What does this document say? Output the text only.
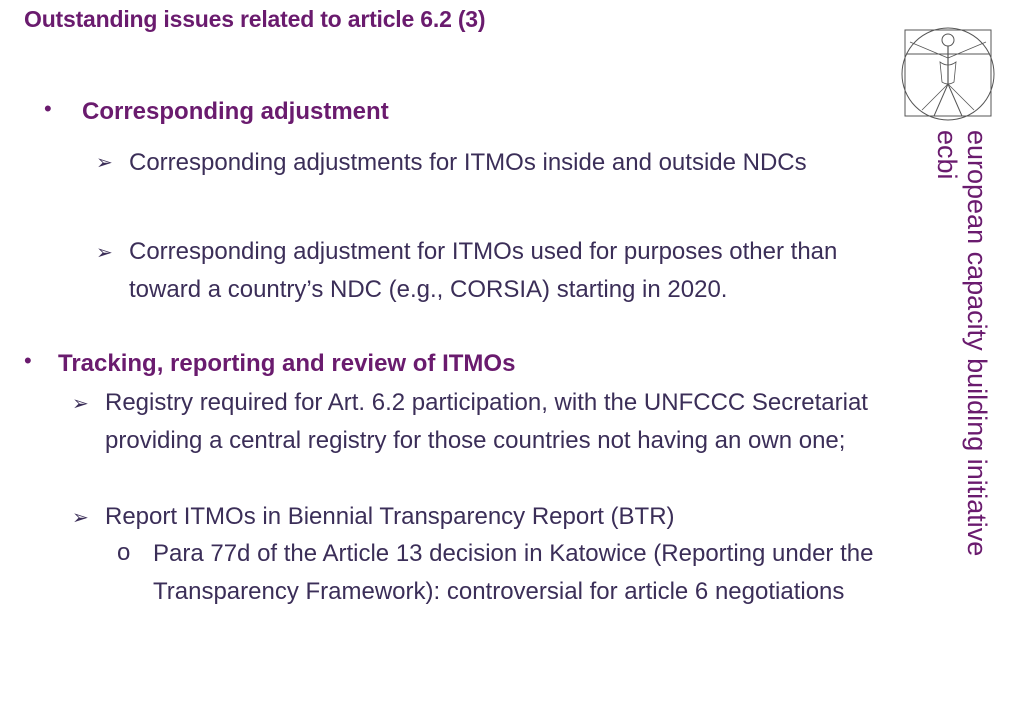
Outstanding issues related to article 6.2 (3)
• Corresponding adjustment
➢ Corresponding adjustments for ITMOs inside and outside NDCs
➢ Corresponding adjustment for ITMOs used for purposes other than toward a country’s NDC (e.g., CORSIA) starting in 2020.
• Tracking, reporting and review of ITMOs
➢ Registry required for Art. 6.2 participation, with the UNFCCC Secretariat providing a central registry for those countries not having an own one;
➢ Report ITMOs in Biennial Transparency Report (BTR)
o Para 77d of the Article 13 decision in Katowice (Reporting under the Transparency Framework): controversial for article 6 negotiations
european capacity building initiative
ecbi
